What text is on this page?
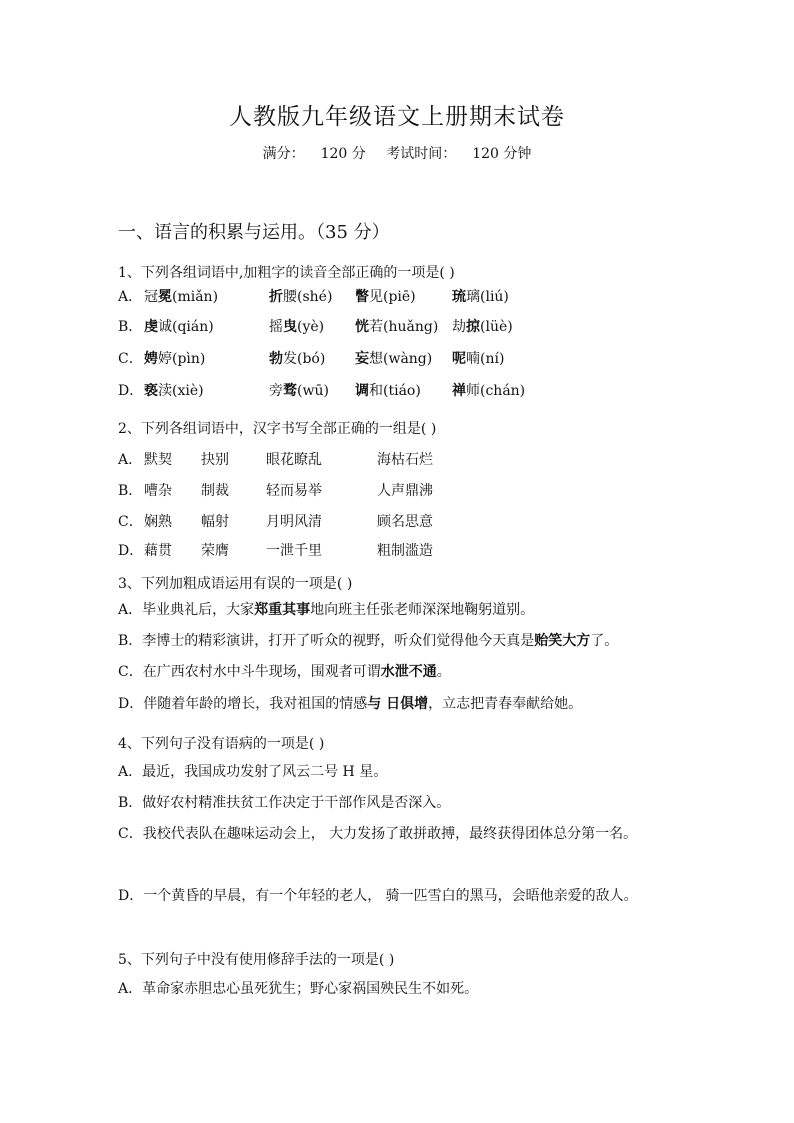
人教版九年级语文上册期末试卷
满分： 120 分 考试时间： 120 分钟
一、语言的积累与运用。（35 分）
1、下列各组词语中,加粗字的读音全部正确的一项是( )
2、下列各组词语中，汉字书写全部正确的一组是( )
3、下列加粗成语运用有误的一项是( )
4、下列句子没有语病的一项是( )
A．最近，我国成功发射了风云二号 H 星。
B．做好农村精准扶贫工作决定于干部作风是否深入。
C．我校代表队在趣味运动会上， 大力发扬了敢拼敢搏，最终获得团体总分第一名。
D．一个黄昏的早晨，有一个年轻的老人， 骑一匹雪白的黑马，会晤他亲爱的敌人。
5、下列句子中没有使用修辞手法的一项是( )
A．革命家赤胆忠心虽死犹生；野心家祸国殃民生不如死。
A． 冠冕(miǎn)	折腰(shé) 瞥见(piē)	琉璃(liú)
B． 虔诚(qián)	摇曳(yè) 恍若(huǎng) 劫掠(lüè)
C． 娉婷(pìn)	勃发(bó) 妄想(wàng) 呢喃(ní)
D． 亵渎(xiè)	旁骛(wū) 调和(tiáo) 禅师(chán)
A． 默契 抉别	眼花瞭乱	海枯石烂
B． 嘈杂 制裁	轻而易举	人声鼎沸
C． 娴熟 幅射	月明风清	顾名思意
D． 藉贯 荣膺	一泄千里	粗制滥造
A．毕业典礼后，大家郑重其事地向班主任张老师深深地鞠躬道别。
B．李博士的精彩演讲，打开了听众的视野，听众们觉得他今天真是贻笑大方了。
C．在广西农村水中斗牛现场，围观者可谓水泄不通。
D．伴随着年龄的增长，我对祖国的情感与 日俱增，立志把青春奉献给她。
